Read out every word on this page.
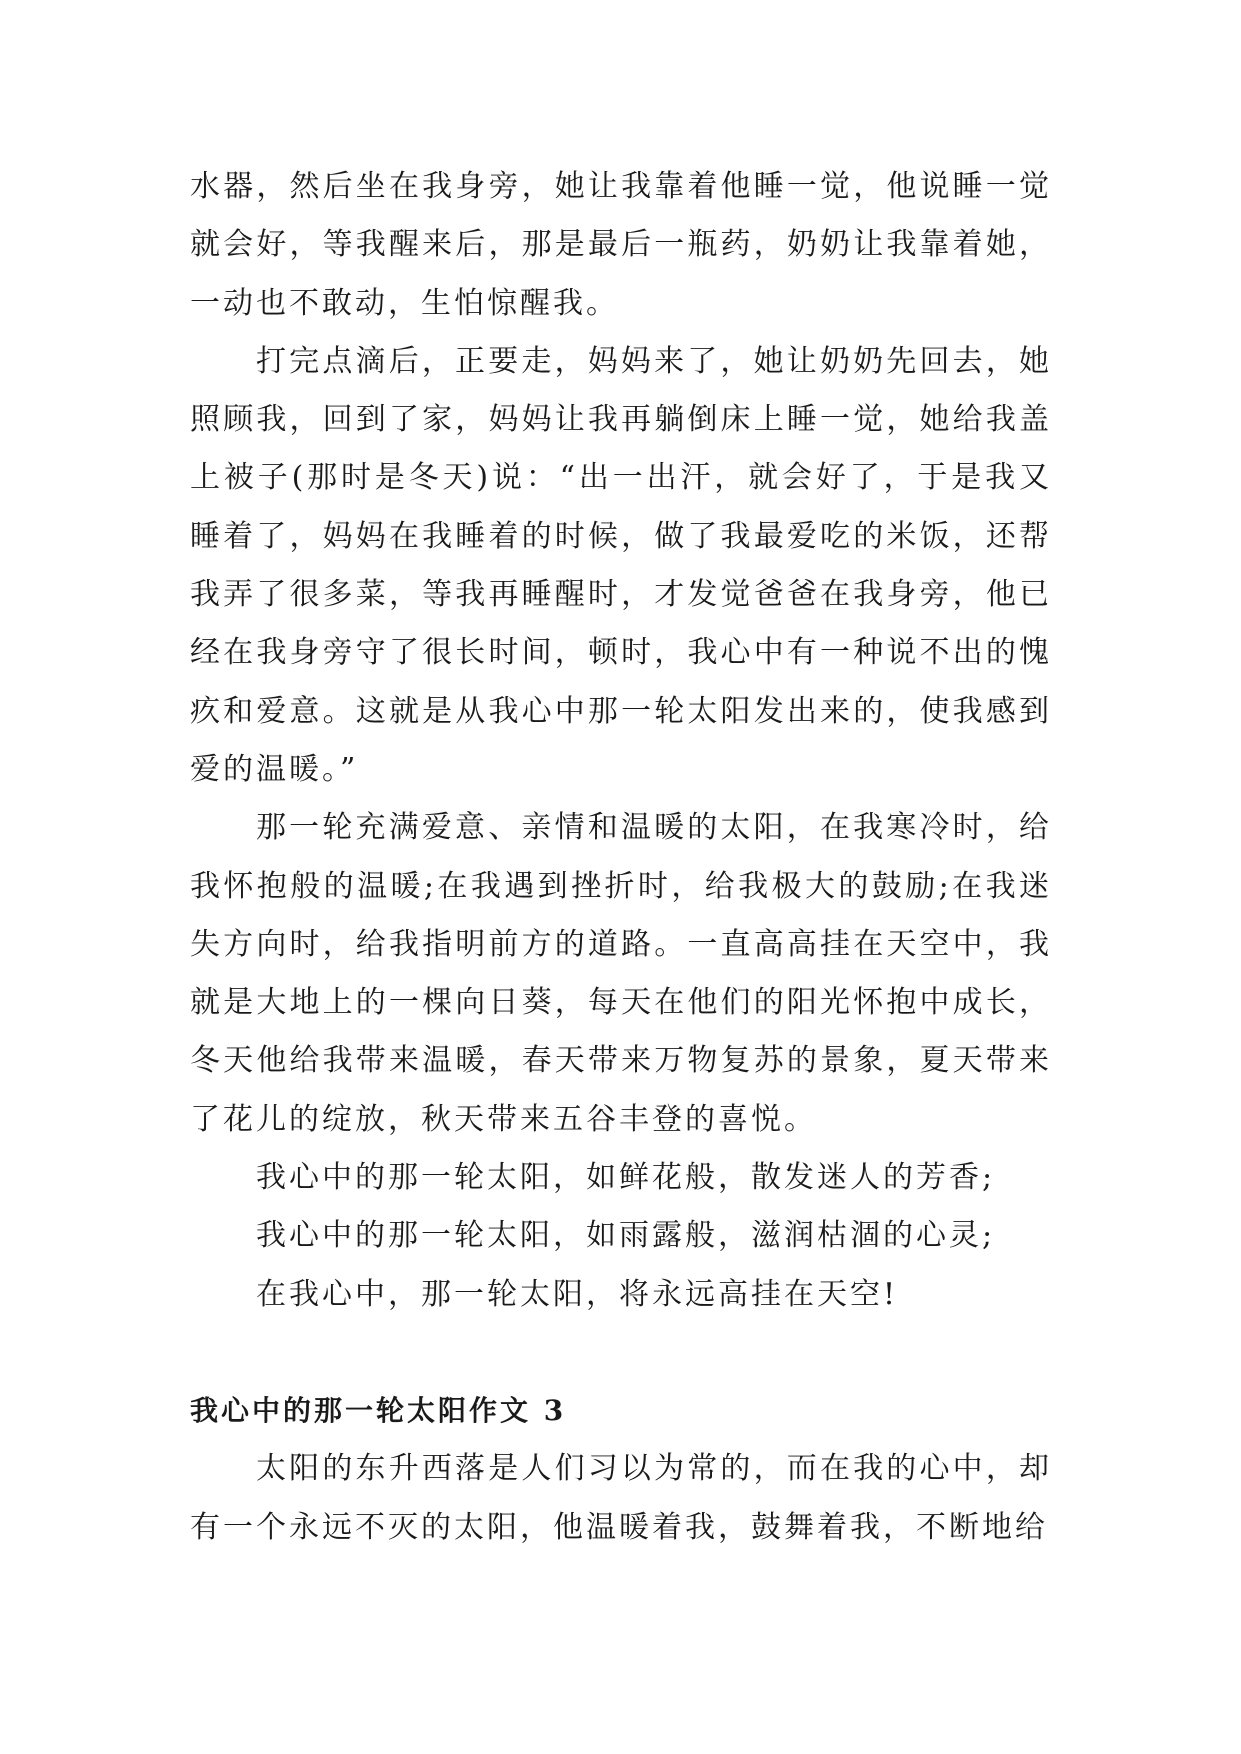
水器，然后坐在我身旁，她让我靠着他睡一觉，他说睡一觉就会好，等我醒来后，那是最后一瓶药，奶奶让我靠着她，一动也不敢动，生怕惊醒我。

打完点滴后，正要走，妈妈来了，她让奶奶先回去，她照顾我，回到了家，妈妈让我再躺倒床上睡一觉，她给我盖上被子(那时是冬天)说：“出一出汗，就会好了，于是我又睡着了，妈妈在我睡着的时候，做了我最爱吃的米饭，还帮我弄了很多菜，等我再睡醒时，才发觉爸爸在我身旁，他已经在我身旁守了很长时间，顿时，我心中有一种说不出的愧疚和爱意。这就是从我心中那一轮太阳发出来的，使我感到爱的温暖。”

那一轮充满爱意、亲情和温暖的太阳，在我寒冷时，给我怀抱般的温暖;在我遇到挫折时，给我极大的鼓励;在我迷失方向时，给我指明前方的道路。一直高高挂在天空中，我就是大地上的一棵向日葵，每天在他们的阳光怀抱中成长，冬天他给我带来温暖，春天带来万物复苏的景象，夏天带来了花儿的绽放，秋天带来五谷丰登的喜悦。

我心中的那一轮太阳，如鲜花般，散发迷人的芳香;

我心中的那一轮太阳，如雨露般，滋润枯涸的心灵;

在我心中，那一轮太阳，将永远高挂在天空!

我心中的那一轮太阳作文 3

太阳的东升西落是人们习以为常的，而在我的心中，却有一个永远不灭的太阳，他温暖着我，鼓舞着我，不断地给
